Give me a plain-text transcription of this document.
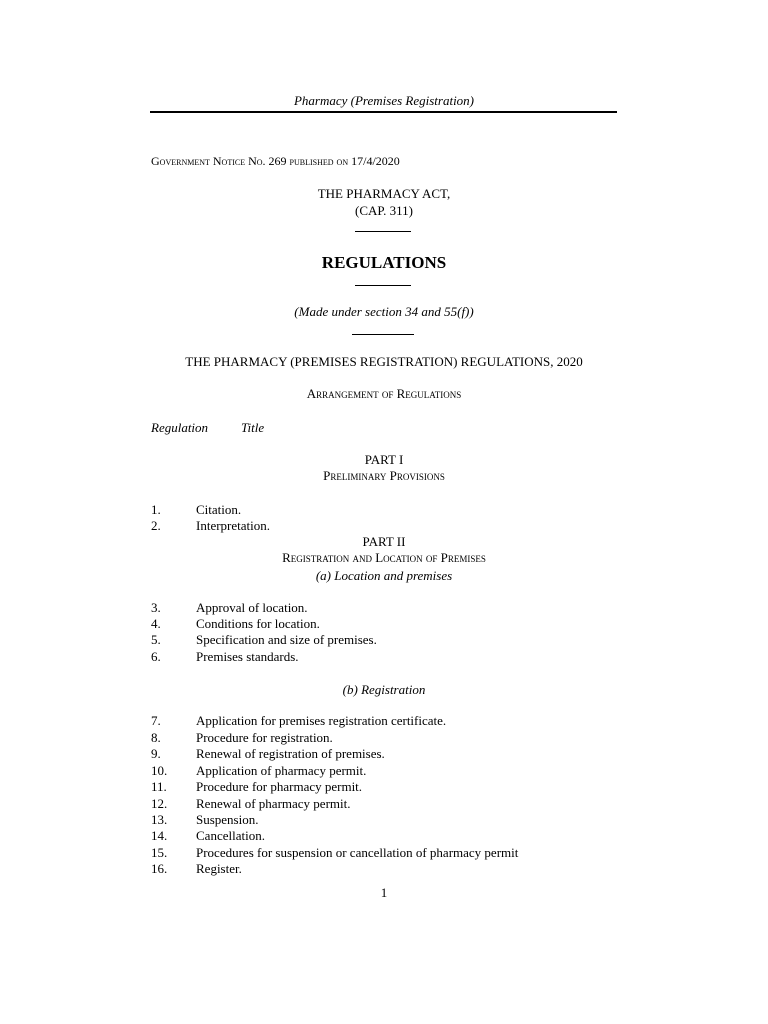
Pharmacy (Premises Registration)
Government Notice No. 269 published on 17/4/2020
THE PHARMACY ACT,
(CAP. 311)
REGULATIONS
(Made under section 34 and 55(f))
THE PHARMACY (PREMISES REGISTRATION) REGULATIONS, 2020
Arrangement of Regulations
Regulation	Title
PART I
Preliminary Provisions
1.	Citation.
2.	Interpretation.
PART II
Registration and Location of Premises
(a) Location and premises
3.	Approval of location.
4.	Conditions for location.
5.	Specification and size of premises.
6.	Premises standards.
(b) Registration
7.	Application for premises registration certificate.
8.	Procedure for registration.
9.	Renewal of registration of premises.
10. Application of pharmacy permit.
11. Procedure for pharmacy permit.
12. Renewal of pharmacy permit.
13. Suspension.
14. Cancellation.
15. Procedures for suspension or cancellation of pharmacy permit
16. Register.
1
